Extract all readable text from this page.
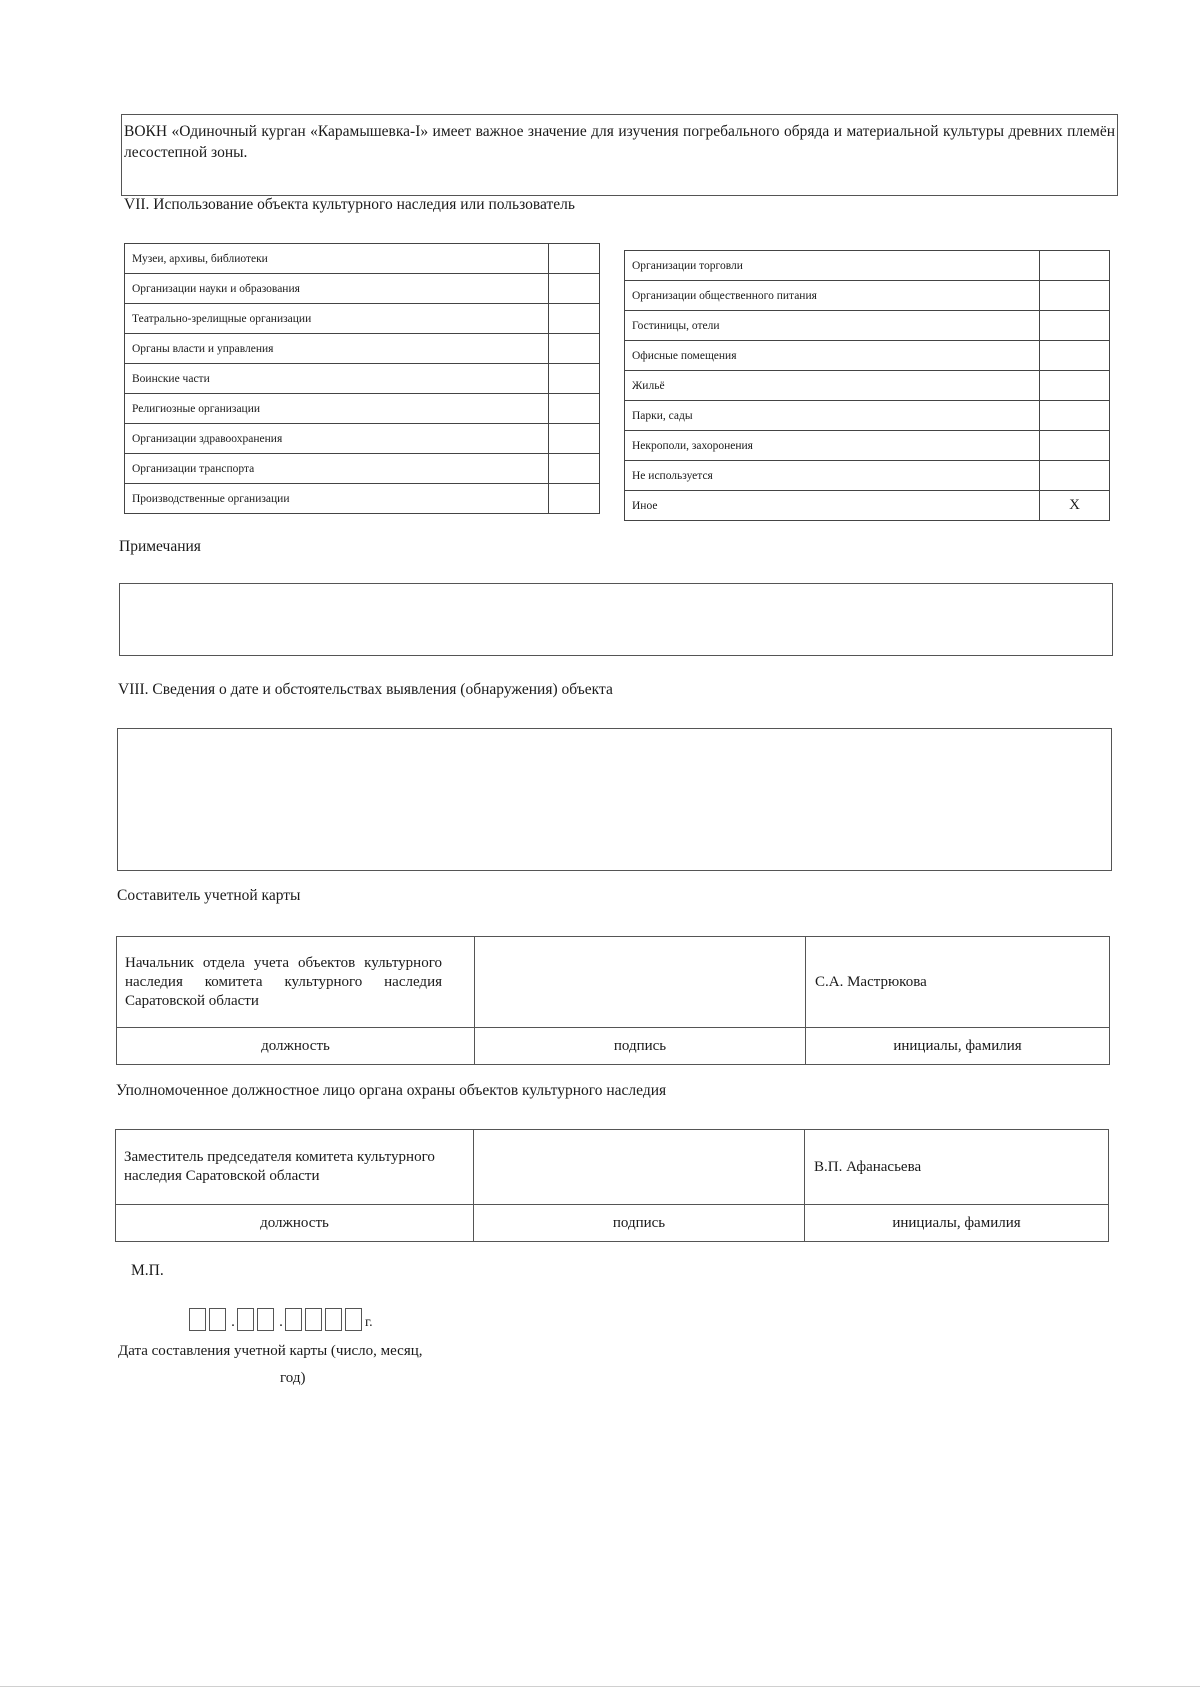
ВОКН «Одиночный курган «Карамышевка-I» имеет важное значение для изучения погребального обряда и материальной культуры древних племён лесостепной зоны.
VII. Использование объекта культурного наследия или пользователь
Музеи, архивы, библиотеки	
Организации науки и образования	
Театрально-зрелищные организации	
Органы власти и управления	
Воинские части	
Религиозные организации	
Организации здравоохранения	
Организации транспорта	
Производственные организации	
Организации торговли	
Организации общественного питания	
Гостиницы, отели	
Офисные помещения	
Жильё	
Парки, сады	
Некрополи, захоронения	
Не используется	
Иное	X
Примечания
VIII. Сведения о дате и обстоятельствах выявления (обнаружения) объекта
Составитель учетной карты
Начальник отдела учета объектов культурного наследия комитета культурного наследия Саратовской области		С.А. Мастрюкова
должность	подпись	инициалы, фамилия
Уполномоченное должностное лицо органа охраны объектов культурного наследия
Заместитель председателя комитета культурного наследия Саратовской области		В.П. Афанасьева
должность	подпись	инициалы, фамилия
М.П.
.	.	г.
Дата составления учетной карты (число, месяц,
год)
